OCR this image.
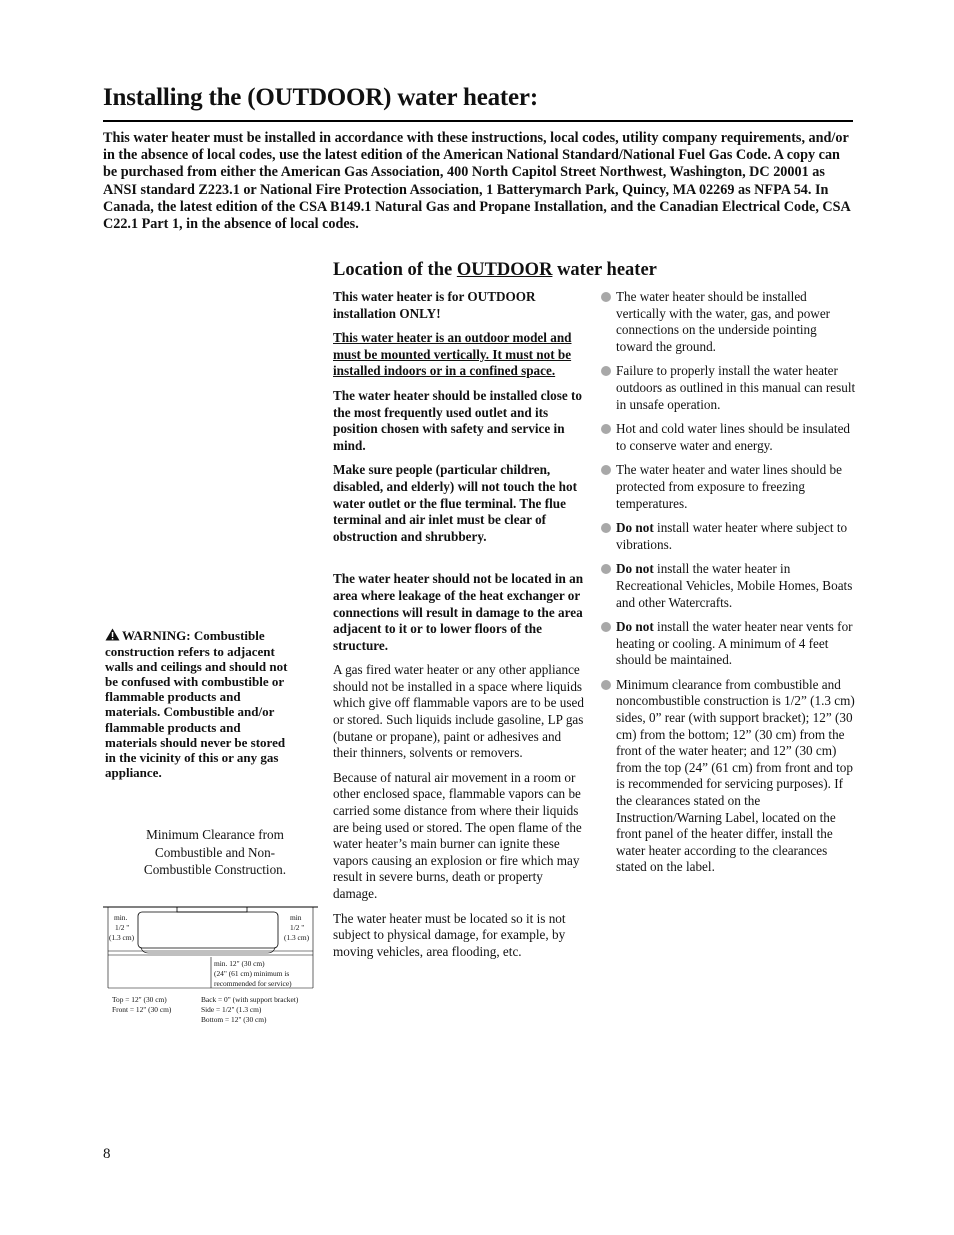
Installing the (OUTDOOR) water heater:

This water heater must be installed in accordance with these instructions, local codes, utility company requirements, and/or in the absence of local codes, use the latest edition of the American National Standard/National Fuel Gas Code. A copy can be purchased from either the American Gas Association, 400 North Capitol Street Northwest, Washington, DC 20001 as ANSI standard Z223.1 or National Fire Protection Association, 1 Batterymarch Park, Quincy, MA 02269 as NFPA 54. In Canada, the latest edition of the CSA B149.1 Natural Gas and Propane Installation, and the Canadian Electrical Code, CSA C22.1 Part 1, in the absence of local codes.

Location of the OUTDOOR water heater

This water heater is for OUTDOOR installation ONLY!

This water heater is an outdoor model and must be mounted vertically. It must not be installed indoors or in a confined space.

The water heater should be installed close to the most frequently used outlet and its position chosen with safety and service in mind.

Make sure people (particular children, disabled, and elderly) will not touch the hot water outlet or the flue terminal. The flue terminal and air inlet must be clear of obstruction and shrubbery.

The water heater should not be located in an area where leakage of the heat exchanger or connections will result in damage to the area adjacent to it or to lower floors of the structure.

A gas fired water heater or any other appliance should not be installed in a space where liquids which give off flammable vapors are to be used or stored. Such liquids include gasoline, LP gas (butane or propane), paint or adhesives and their thinners, solvents or removers.

Because of natural air movement in a room or other enclosed space, flammable vapors can be carried some distance from where their liquids are being used or stored. The open flame of the water heater’s main burner can ignite these vapors causing an explosion or fire which may result in severe burns, death or property damage.

The water heater must be located so it is not subject to physical damage, for example, by moving vehicles, area flooding, etc.

The water heater should be installed vertically with the water, gas, and power connections on the underside pointing toward the ground.
Failure to properly install the water heater outdoors as outlined in this manual can result in unsafe operation.
Hot and cold water lines should be insulated to conserve water and energy.
The water heater and water lines should be protected from exposure to freezing temperatures.
Do not install water heater where subject to vibrations.
Do not install the water heater in Recreational Vehicles, Mobile Homes, Boats and other Watercrafts.
Do not install the water heater near vents for heating or cooling. A minimum of 4 feet should be maintained.
Minimum clearance from combustible and noncombustible construction is 1/2” (1.3 cm) sides, 0” rear (with support bracket); 12” (30 cm) from the bottom; 12” (30 cm) from the front of the water heater; and 12” (30 cm) from the top (24” (61 cm) from front and top is recommended for servicing purposes). If the clearances stated on the Instruction/Warning Label, located on the front panel of the heater differ, install the water heater according to the clearances stated on the label.
WARNING: Combustible construction refers to adjacent walls and ceilings and should not be confused with combustible or flammable products and materials. Combustible and/or flammable products and materials should never be stored in the vicinity of this or any gas appliance.
Minimum Clearance from Combustible and Non-Combustible Construction.
min.
1/2 "
(1.3 cm)
min
1/2 "
(1.3 cm)
min. 12" (30 cm)
(24" (61 cm) minimum is
recommended for service)
Top = 12" (30 cm)
Front = 12" (30 cm)
Back = 0" (with support bracket)
Side = 1/2" (1.3 cm)
Bottom = 12" (30 cm)
8
